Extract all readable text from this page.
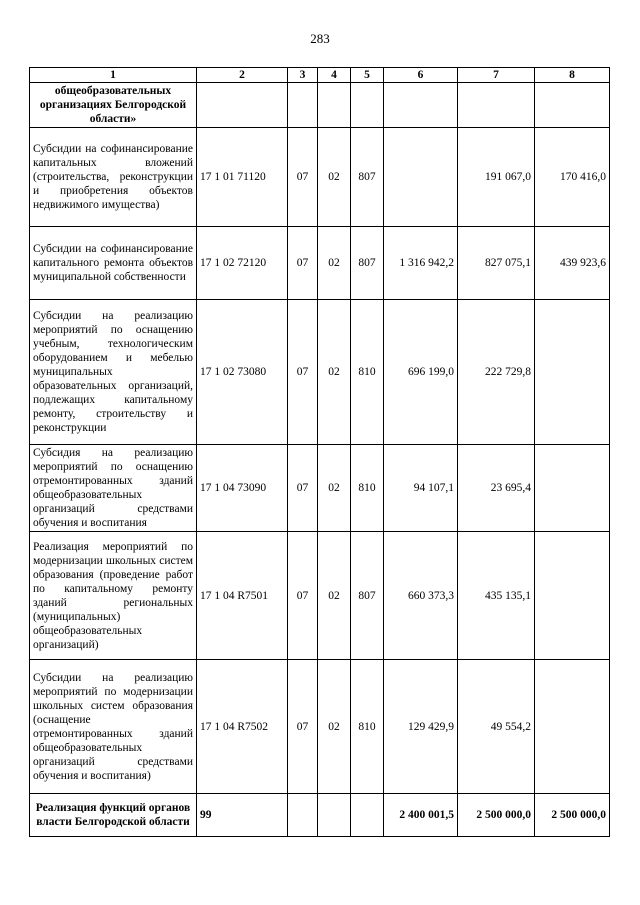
283
1	2	3	4	5	6	7	8
общеобразовательных организациях Белгородской области»							
Субсидии на софинансирование капитальных вложений (строительства, реконструкции и приобретения объектов недвижимого имущества)	17 1 01 71120	07	02	807		191 067,0	170 416,0
Субсидии на софинансирование капитального ремонта объектов муниципальной собственности	17 1 02 72120	07	02	807	1 316 942,2	827 075,1	439 923,6
Субсидии на реализацию мероприятий по оснащению учебным, технологическим оборудованием и мебелью муниципальных образовательных организаций, подлежащих капитальному ремонту, строительству и реконструкции	17 1 02 73080	07	02	810	696 199,0	222 729,8	
Субсидия на реализацию мероприятий по оснащению отремонтированных зданий общеобразовательных организаций средствами обучения и воспитания	17 1 04 73090	07	02	810	94 107,1	23 695,4	
Реализация мероприятий по модернизации школьных систем образования (проведение работ по капитальному ремонту зданий региональных (муниципальных) общеобразовательных организаций)	17 1 04 R7501	07	02	807	660 373,3	435 135,1	
Субсидии на реализацию мероприятий по модернизации школьных систем образования (оснащение отремонтированных зданий общеобразовательных организаций средствами обучения и воспитания)	17 1 04 R7502	07	02	810	129 429,9	49 554,2	
Реализация функций органов власти Белгородской области	99				2 400 001,5	2 500 000,0	2 500 000,0
